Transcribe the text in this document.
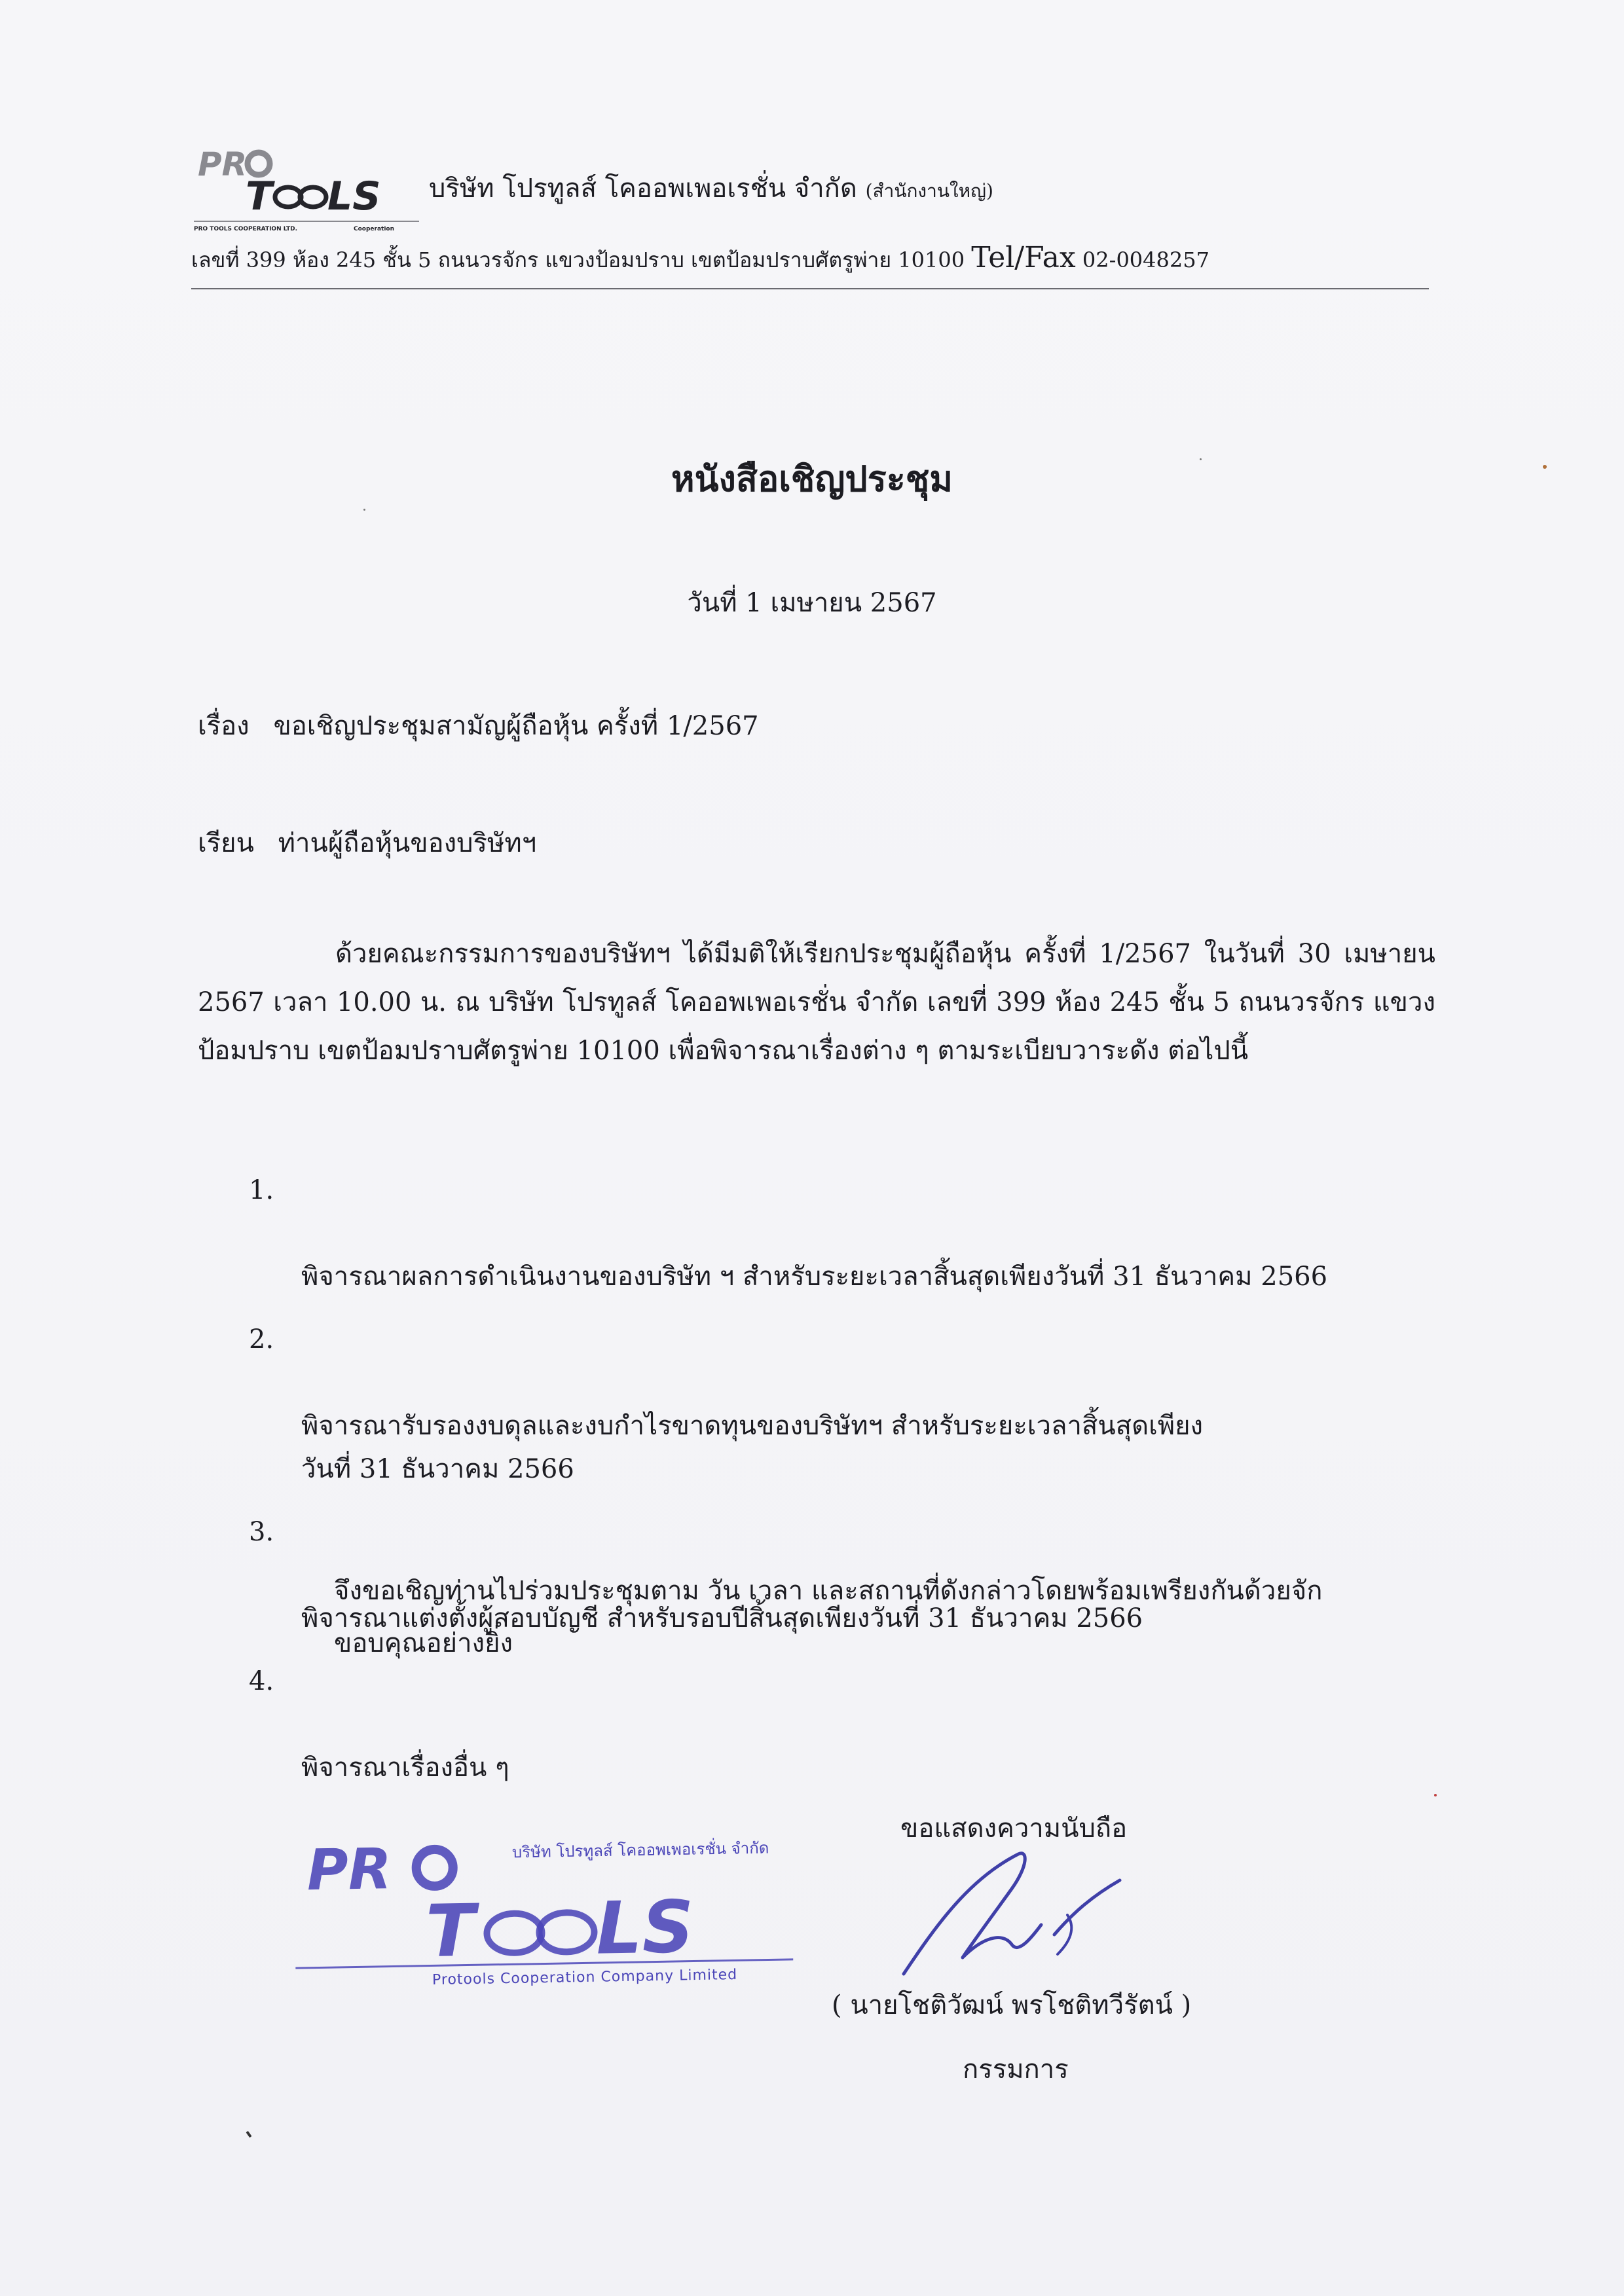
PR
T LS
PRO TOOLS COOPERATION LTD.	Cooperation
บริษัท โปรทูลส์ โคออพเพอเรชั่น จำกัด (สำนักงานใหญ่)
เลขที่ 399 ห้อง 245 ชั้น 5 ถนนวรจักร แขวงป้อมปราบ เขตป้อมปราบศัตรูพ่าย 10100 Tel/Fax 02-0048257
หนังสือเชิญประชุม
วันที่ 1 เมษายน 2567
เรื่อง ขอเชิญประชุมสามัญผู้ถือหุ้น ครั้งที่ 1/2567
เรียน ท่านผู้ถือหุ้นของบริษัทฯ
ด้วยคณะกรรมการของบริษัทฯ ได้มีมติให้เรียกประชุมผู้ถือหุ้น ครั้งที่ 1/2567 ในวันที่ 30 เมษายน 2567 เวลา 10.00 น. ณ บริษัท โปรทูลส์ โคออพเพอเรชั่น จำกัด เลขที่ 399 ห้อง 245 ชั้น 5 ถนนวรจักร แขวงป้อมปราบ เขตป้อมปราบศัตรูพ่าย 10100 เพื่อพิจารณาเรื่องต่าง ๆ ตามระเบียบวาระดัง ต่อไปนี้

1.

พิจารณาผลการดำเนินงานของบริษัท ฯ สำหรับระยะเวลาสิ้นสุดเพียงวันที่ 31 ธันวาคม 2566

2.

พิจารณารับรองงบดุลและงบกำไรขาดทุนของบริษัทฯ สำหรับระยะเวลาสิ้นสุดเพียง
วันที่ 31 ธันวาคม 2566

3.

พิจารณาแต่งตั้งผู้สอบบัญชี สำหรับรอบปีสิ้นสุดเพียงวันที่ 31 ธันวาคม 2566

4.

พิจารณาเรื่องอื่น ๆ

จึงขอเชิญท่านไปร่วมประชุมตาม วัน เวลา และสถานที่ดังกล่าวโดยพร้อมเพรียงกันด้วยจัก ขอบคุณอย่างยิ่ง
PR
T LS
บริษัท โปรทูลส์ โคออพเพอเรชั่น จำกัด
Protools Cooperation Company Limited
ขอแสดงความนับถือ
( นายโชติวัฒน์ พรโชติทวีรัตน์ )
กรรมการ
